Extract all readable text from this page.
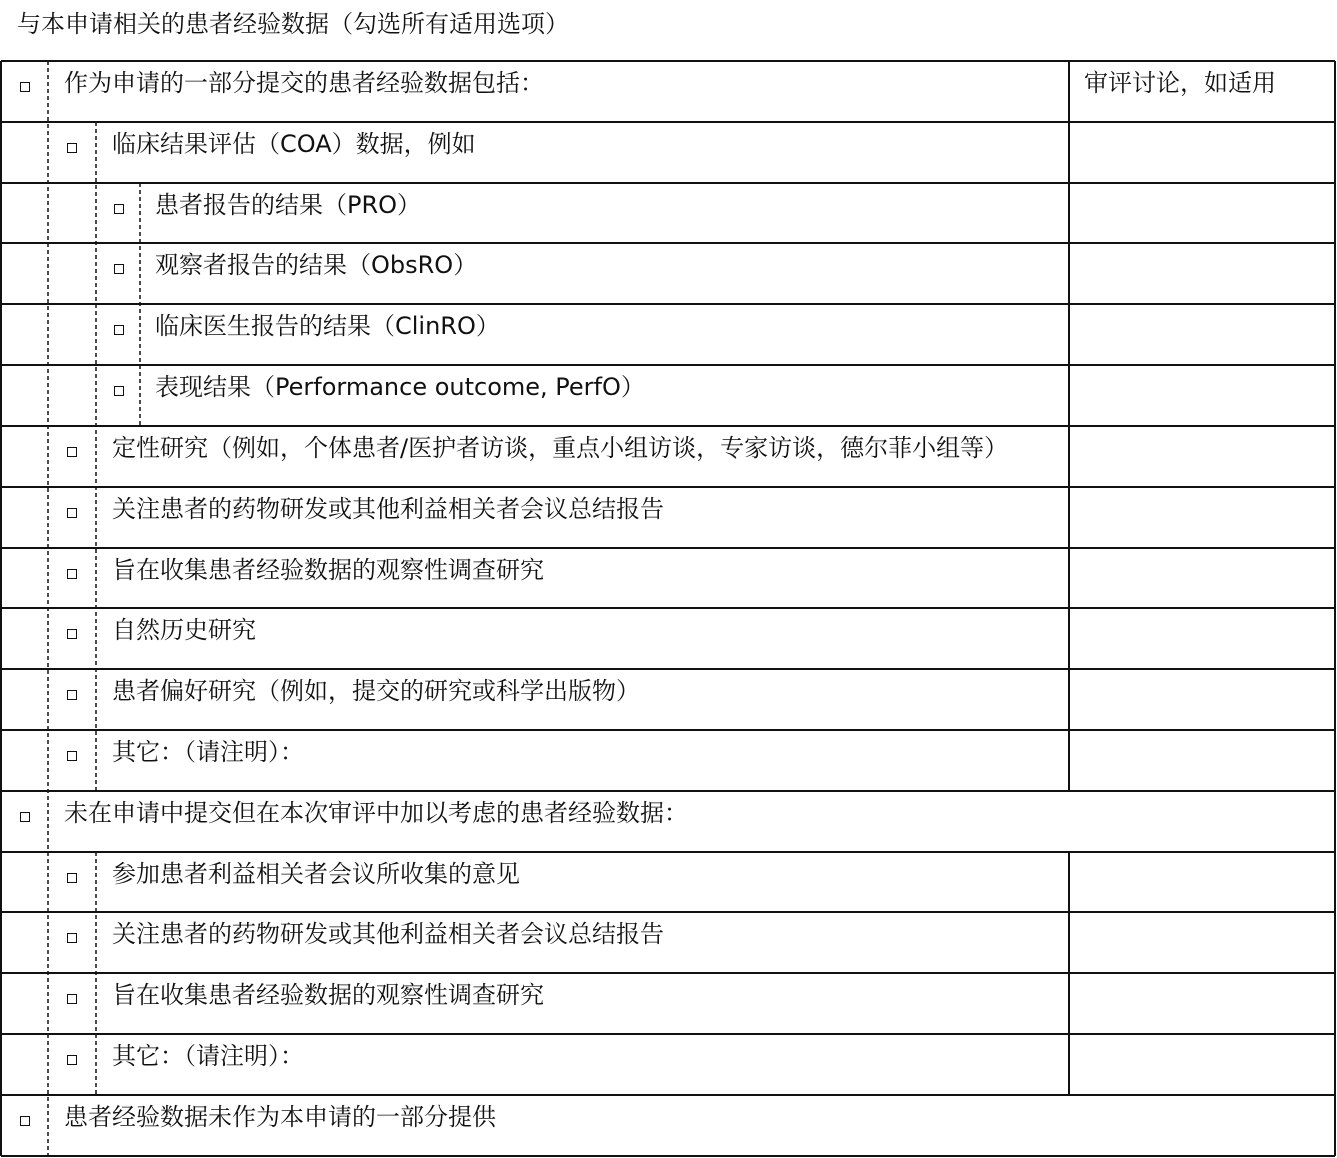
与本申请相关的患者经验数据（勾选所有适用选项）
作为申请的一部分提交的患者经验数据包括：	审评讨论，如适用
临床结果评估（COA）数据，例如
患者报告的结果（PRO）
观察者报告的结果（ObsRO）
临床医生报告的结果（ClinRO）
表现结果（Performance outcome, PerfO）
定性研究（例如，个体患者/医护者访谈，重点小组访谈，专家访谈，德尔菲小组等）
关注患者的药物研发或其他利益相关者会议总结报告
旨在收集患者经验数据的观察性调查研究
自然历史研究
患者偏好研究（例如，提交的研究或科学出版物）
其它：（请注明）：
未在申请中提交但在本次审评中加以考虑的患者经验数据：
参加患者利益相关者会议所收集的意见
关注患者的药物研发或其他利益相关者会议总结报告
旨在收集患者经验数据的观察性调查研究
其它：（请注明）：
患者经验数据未作为本申请的一部分提供
